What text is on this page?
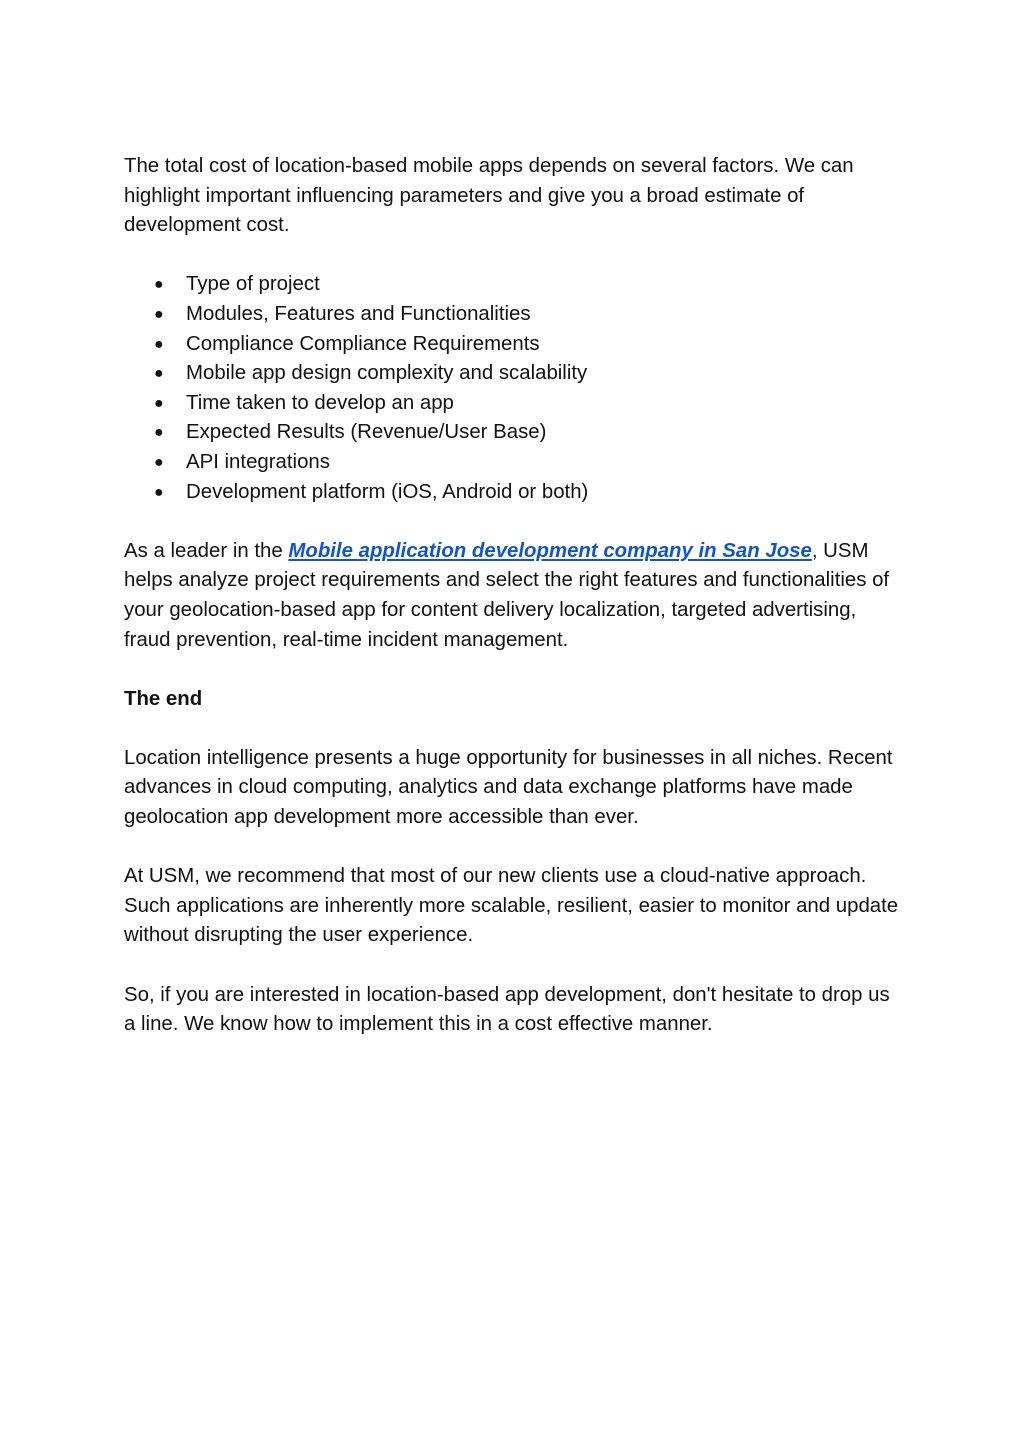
The total cost of location-based mobile apps depends on several factors. We can highlight important influencing parameters and give you a broad estimate of development cost.

● Type of project
● Modules, Features and Functionalities
● Compliance Compliance Requirements
● Mobile app design complexity and scalability
● Time taken to develop an app
● Expected Results (Revenue/User Base)
● API integrations
● Development platform (iOS, Android or both)

As a leader in the Mobile application development company in San Jose, USM helps analyze project requirements and select the right features and functionalities of your geolocation-based app for content delivery localization, targeted advertising, fraud prevention, real-time incident management.

The end

Location intelligence presents a huge opportunity for businesses in all niches. Recent advances in cloud computing, analytics and data exchange platforms have made geolocation app development more accessible than ever.

At USM, we recommend that most of our new clients use a cloud-native approach. Such applications are inherently more scalable, resilient, easier to monitor and update without disrupting the user experience.

So, if you are interested in location-based app development, don't hesitate to drop us a line. We know how to implement this in a cost effective manner.
